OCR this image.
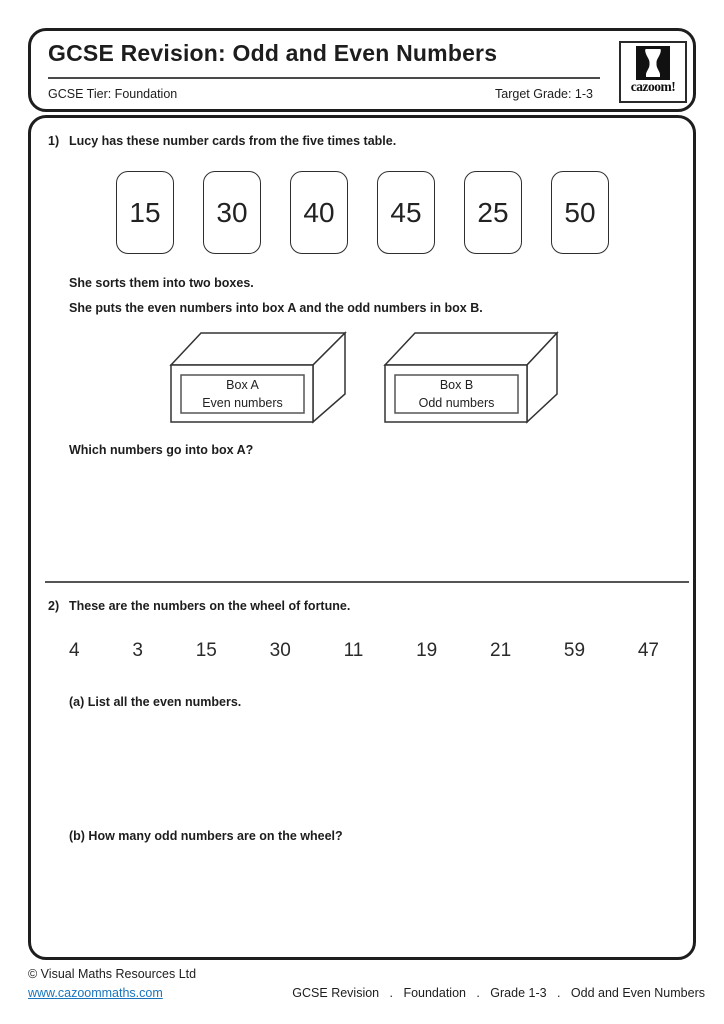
GCSE Revision: Odd and Even Numbers
GCSE Tier: Foundation	Target Grade: 1-3	cazoom!
1) Lucy has these number cards from the five times table.
15 30 40 45 25 50
She sorts them into two boxes.
She puts the even numbers into box A and the odd numbers in box B.
Box A
Even numbers
Box B
Odd numbers
Which numbers go into box A?
2) These are the numbers on the wheel of fortune.
4	3	15	30	11	19	21	59	47
(a) List all the even numbers.
(b) How many odd numbers are on the wheel?
© Visual Maths Resources Ltd
www.cazoommaths.com	GCSE Revision   .   Foundation   .   Grade 1-3   .   Odd and Even Numbers
